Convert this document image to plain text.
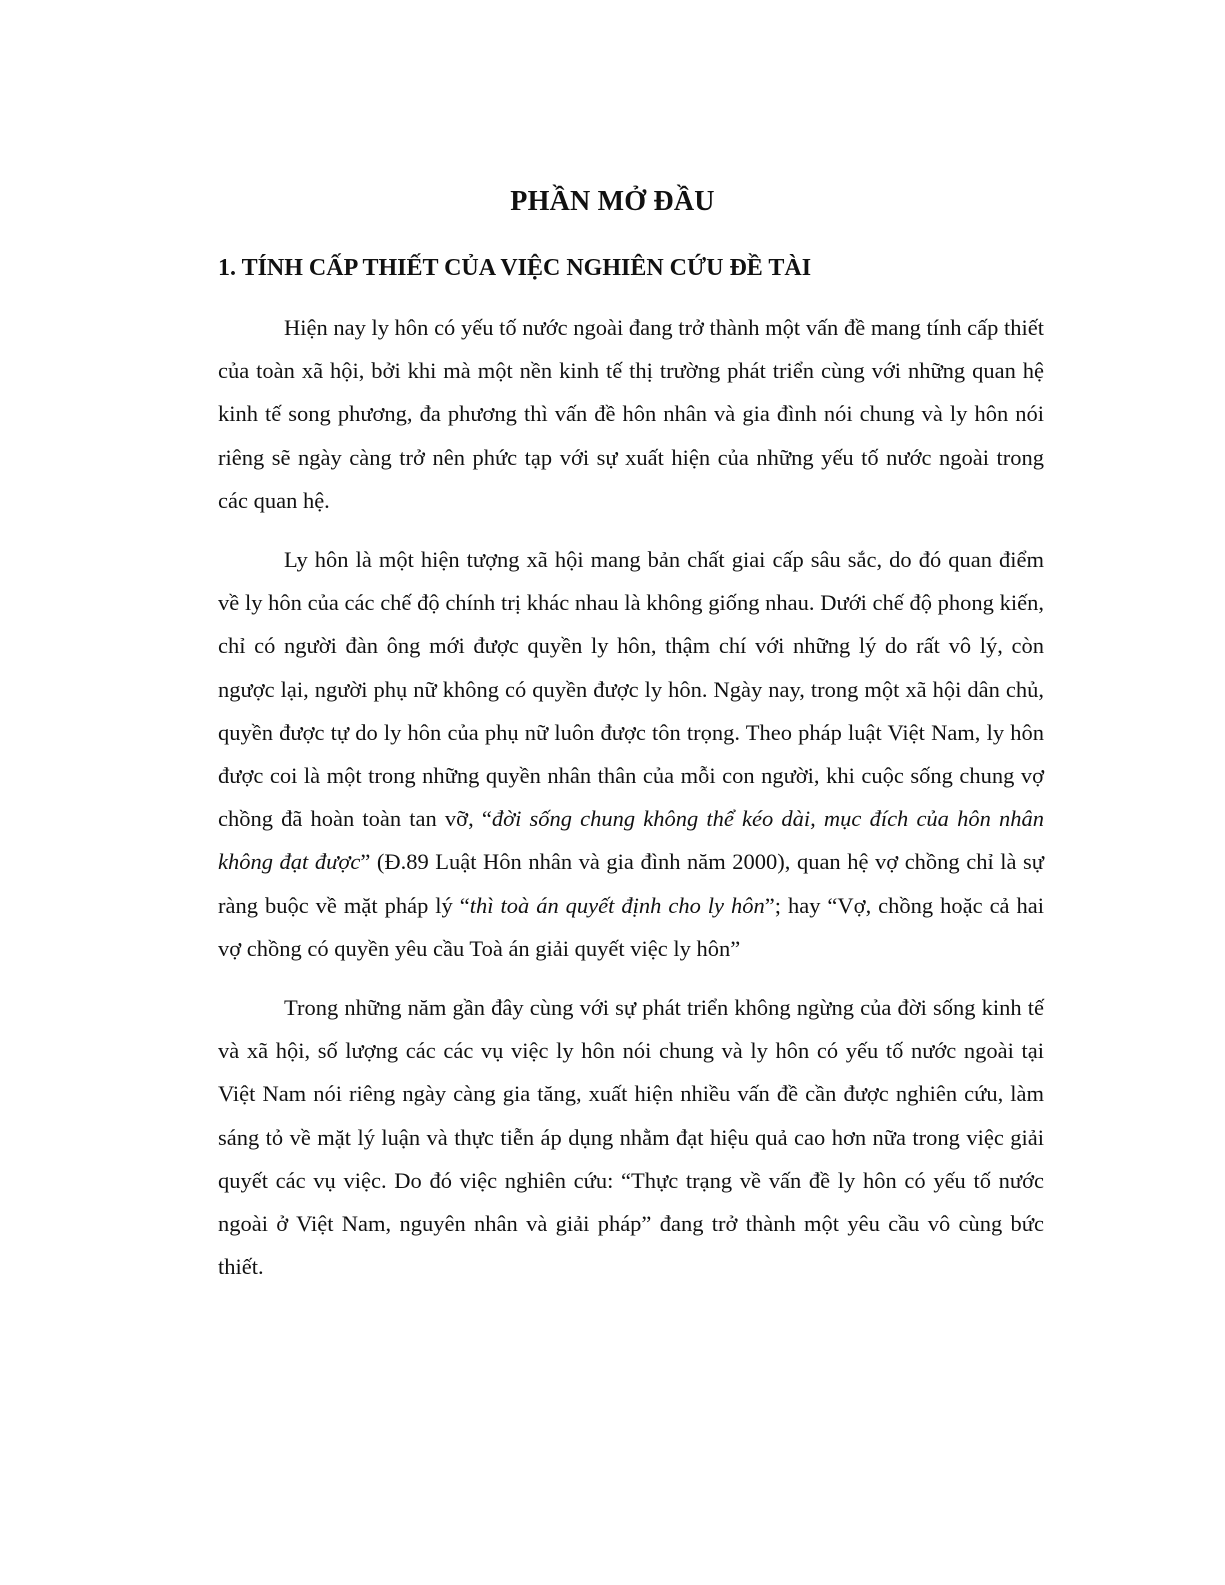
PHẦN MỞ ĐẦU
1. TÍNH CẤP THIẾT CỦA VIỆC NGHIÊN CỨU ĐỀ TÀI

Hiện nay ly hôn có yếu tố nước ngoài đang trở thành một vấn đề mang tính cấp thiết của toàn xã hội, bởi khi mà một nền kinh tế thị trường phát triển cùng với những quan hệ kinh tế song phương, đa phương thì vấn đề hôn nhân và gia đình nói chung và ly hôn nói riêng sẽ ngày càng trở nên phức tạp với sự xuất hiện của những yếu tố nước ngoài trong các quan hệ.

Ly hôn là một hiện tượng xã hội mang bản chất giai cấp sâu sắc, do đó quan điểm về ly hôn của các chế độ chính trị khác nhau là không giống nhau. Dưới chế độ phong kiến, chỉ có người đàn ông mới được quyền ly hôn, thậm chí với những lý do rất vô lý, còn ngược lại, người phụ nữ không có quyền được ly hôn. Ngày nay, trong một xã hội dân chủ, quyền được tự do ly hôn của phụ nữ luôn được tôn trọng. Theo pháp luật Việt Nam, ly hôn được coi là một trong những quyền nhân thân của mỗi con người, khi cuộc sống chung vợ chồng đã hoàn toàn tan vỡ, “đời sống chung không thể kéo dài, mục đích của hôn nhân không đạt được” (Đ.89 Luật Hôn nhân và gia đình năm 2000), quan hệ vợ chồng chỉ là sự ràng buộc về mặt pháp lý “thì toà án quyết định cho ly hôn”; hay “Vợ, chồng hoặc cả hai vợ chồng có quyền yêu cầu Toà án giải quyết việc ly hôn”

Trong những năm gần đây cùng với sự phát triển không ngừng của đời sống kinh tế và xã hội, số lượng các các vụ việc ly hôn nói chung và ly hôn có yếu tố nước ngoài tại Việt Nam nói riêng ngày càng gia tăng, xuất hiện nhiều vấn đề cần được nghiên cứu, làm sáng tỏ về mặt lý luận và thực tiễn áp dụng nhằm đạt hiệu quả cao hơn nữa trong việc giải quyết các vụ việc. Do đó việc nghiên cứu: “Thực trạng về vấn đề ly hôn có yếu tố nước ngoài ở Việt Nam, nguyên nhân và giải pháp” đang trở thành một yêu cầu vô cùng bức thiết.
